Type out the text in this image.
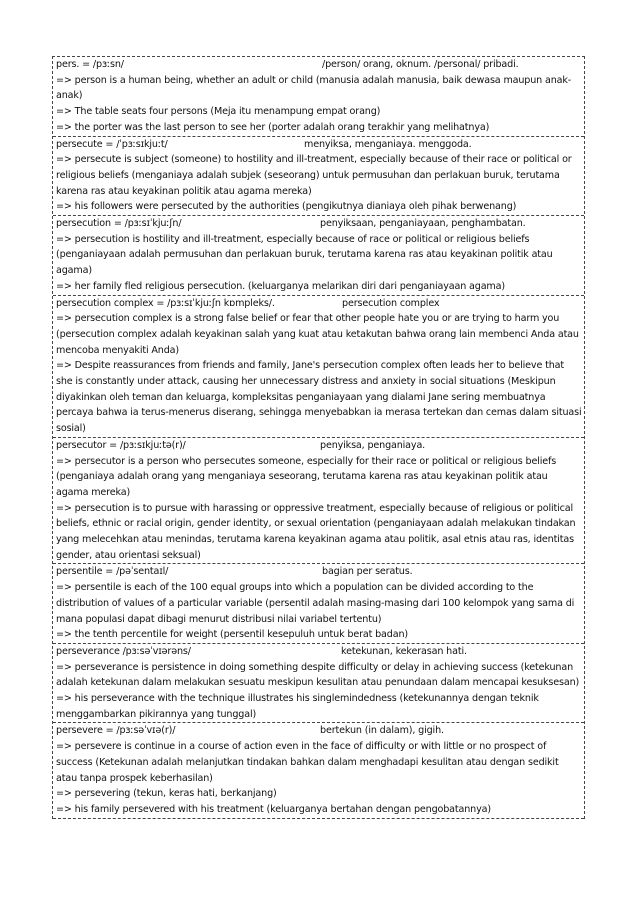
pers. = /pɜːsn/	/person/ orang, oknum. /personal/ pribadi.

=> person is a human being, whether an adult or child (manusia adalah manusia, baik dewasa maupun anak-anak)

=> The table seats four persons (Meja itu menampung empat orang)

=> the porter was the last person to see her (porter adalah orang terakhir yang melihatnya)

persecute = /ˈpɜːsɪkjuːt/	menyiksa, menganiaya. menggoda.

=> persecute is subject (someone) to hostility and ill-treatment, especially because of their race or political or religious beliefs (menganiaya adalah subjek (seseorang) untuk permusuhan dan perlakuan buruk, terutama karena ras atau keyakinan politik atau agama mereka)

=> his followers were persecuted by the authorities (pengikutnya dianiaya oleh pihak berwenang)

persecution = /pɜːsɪˈkjuːʃn/	penyiksaan, penganiayaan, penghambatan.

=> persecution is hostility and ill-treatment, especially because of race or political or religious beliefs (penganiayaan adalah permusuhan dan perlakuan buruk, terutama karena ras atau keyakinan politik atau agama)

=> her family fled religious persecution. (keluarganya melarikan diri dari penganiayaan agama)

persecution complex = /pɜːsɪˈkjuːʃn kɒmpleks/.	persecution complex

=> persecution complex is a strong false belief or fear that other people hate you or are trying to harm you (persecution complex adalah keyakinan salah yang kuat atau ketakutan bahwa orang lain membenci Anda atau mencoba menyakiti Anda)

=> Despite reassurances from friends and family, Jane's persecution complex often leads her to believe that she is constantly under attack, causing her unnecessary distress and anxiety in social situations (Meskipun diyakinkan oleh teman dan keluarga, kompleksitas penganiayaan yang dialami Jane sering membuatnya percaya bahwa ia terus-menerus diserang, sehingga menyebabkan ia merasa tertekan dan cemas dalam situasi sosial)

persecutor = /pɜːsɪkjuːtə(r)/	penyiksa, penganiaya.

=> persecutor is a person who persecutes someone, especially for their race or political or religious beliefs (penganiaya adalah orang yang menganiaya seseorang, terutama karena ras atau keyakinan politik atau agama mereka)

=> persecution is to pursue with harassing or oppressive treatment, especially because of religious or political beliefs, ethnic or racial origin, gender identity, or sexual orientation (penganiayaan adalah melakukan tindakan yang melecehkan atau menindas, terutama karena keyakinan agama atau politik, asal etnis atau ras, identitas gender, atau orientasi seksual)

persentile = /pəˈsentaɪl/	bagian per seratus.

=> persentile is each of the 100 equal groups into which a population can be divided according to the distribution of values of a particular variable (persentil adalah masing-masing dari 100 kelompok yang sama di mana populasi dapat dibagi menurut distribusi nilai variabel tertentu)

=> the tenth percentile for weight (persentil kesepuluh untuk berat badan)

perseverance /pɜːsəˈvɪərəns/	ketekunan, kekerasan hati.

=> perseverance is persistence in doing something despite difficulty or delay in achieving success (ketekunan adalah ketekunan dalam melakukan sesuatu meskipun kesulitan atau penundaan dalam mencapai kesuksesan)

=> his perseverance with the technique illustrates his singlemindedness (ketekunannya dengan teknik menggambarkan pikirannya yang tunggal)

persevere = /pɜːsəˈvɪə(r)/	bertekun (in dalam), gigih.

=> persevere is continue in a course of action even in the face of difficulty or with little or no prospect of success (Ketekunan adalah melanjutkan tindakan bahkan dalam menghadapi kesulitan atau dengan sedikit atau tanpa prospek keberhasilan)

=> persevering (tekun, keras hati, berkanjang)

=> his family persevered with his treatment (keluarganya bertahan dengan pengobatannya)
